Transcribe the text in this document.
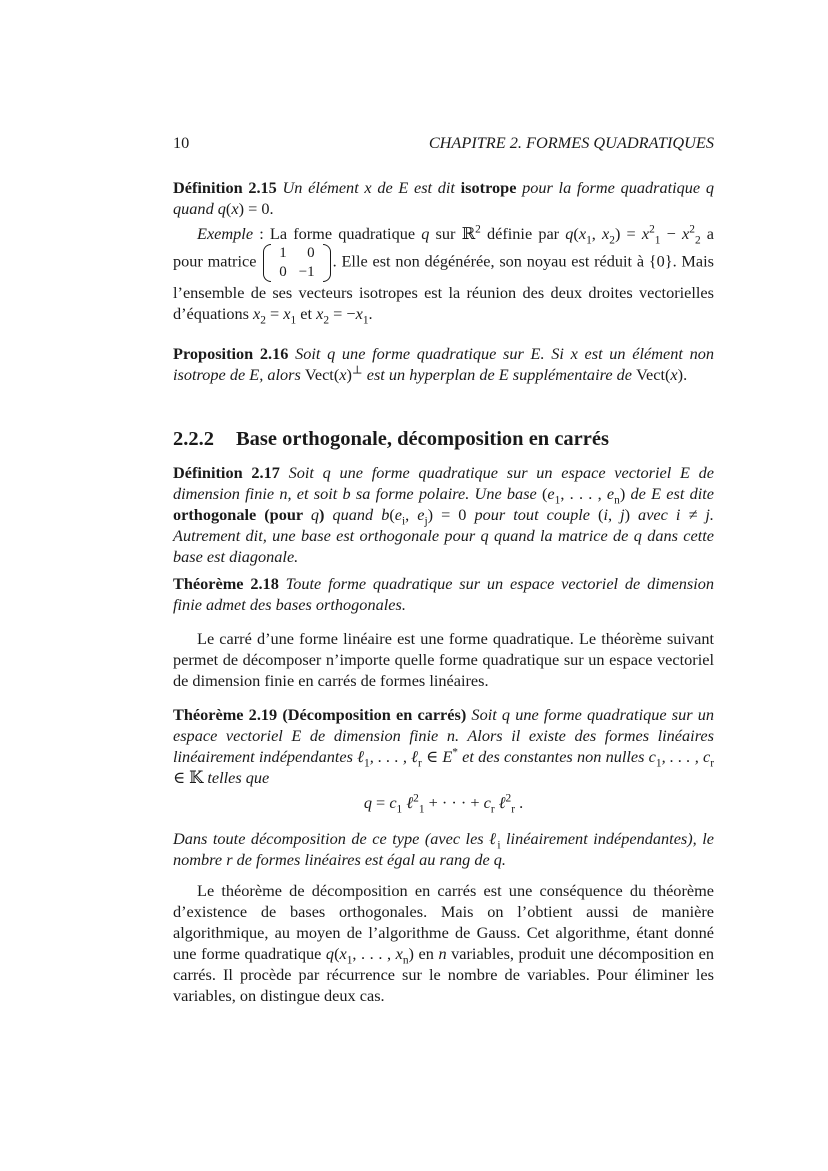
10	CHAPITRE 2. FORMES QUADRATIQUES
2.2.2 Base orthogonale, décomposition en carrés
Définition 2.15 Un élément x de E est dit isotrope pour la forme quadratique q quand q(x) = 0.
Exemple : La forme quadratique q sur ℝ$^2$ définie par $q(x_1$, $x_2) = x^2_1 - x^2_2$ a pour matrice 1	0
0	−1
. Elle est non dégénérée, son noyau est réduit à {0}. Mais l’ensemble de ses vecteurs isotropes est la réunion des deux droites vectorielles d’équations $x_2 = x_1$ et $x_2 = -x_1$.
Proposition 2.16 Soit q une forme quadratique sur E. Si x est un élément non isotrope de E, alors Vect(x)⊥ est un hyperplan de E supplémentaire de Vect(x).
Définition 2.17 Soit q une forme quadratique sur un espace vectoriel E de dimension finie n, et soit b sa forme polaire. Une base ($e_1$, . . . , $e_n$) de E est dite orthogonale (pour q) quand $b(e_i$, $e_j) = 0$ pour tout couple (i, j) avec i ≠ j. Autrement dit, une base est orthogonale pour q quand la matrice de q dans cette base est diagonale.
Théorème 2.18 Toute forme quadratique sur un espace vectoriel de dimension finie admet des bases orthogonales.
Le carré d’une forme linéaire est une forme quadratique. Le théorème suivant permet de décomposer n’importe quelle forme quadratique sur un espace vectoriel de dimension finie en carrés de formes linéaires.
Théorème 2.19 (Décomposition en carrés) Soit q une forme quadratique sur un espace vectoriel E de dimension finie n. Alors il existe des formes linéaires linéairement indépendantes ℓ$_1$, . . . , ℓ$_r$ ∈ E* et des constantes non nulles $c_1$, . . . , $c_r$ ∈ 𝕂 telles que
$q = c_1$ ℓ$^2_1$ + · · · + $c_r$ ℓ$^2_r$ .
Dans toute décomposition de ce type (avec les ℓ$_i$ linéairement indépendantes), le nombre r de formes linéaires est égal au rang de q.
Le théorème de décomposition en carrés est une conséquence du théorème d’existence de bases orthogonales. Mais on l’obtient aussi de manière algorithmique, au moyen de l’algorithme de Gauss. Cet algorithme, étant donné une forme quadratique $q(x_1$, . . . , $x_n$) en n variables, produit une décomposition en carrés. Il procède par récurrence sur le nombre de variables. Pour éliminer les variables, on distingue deux cas.
